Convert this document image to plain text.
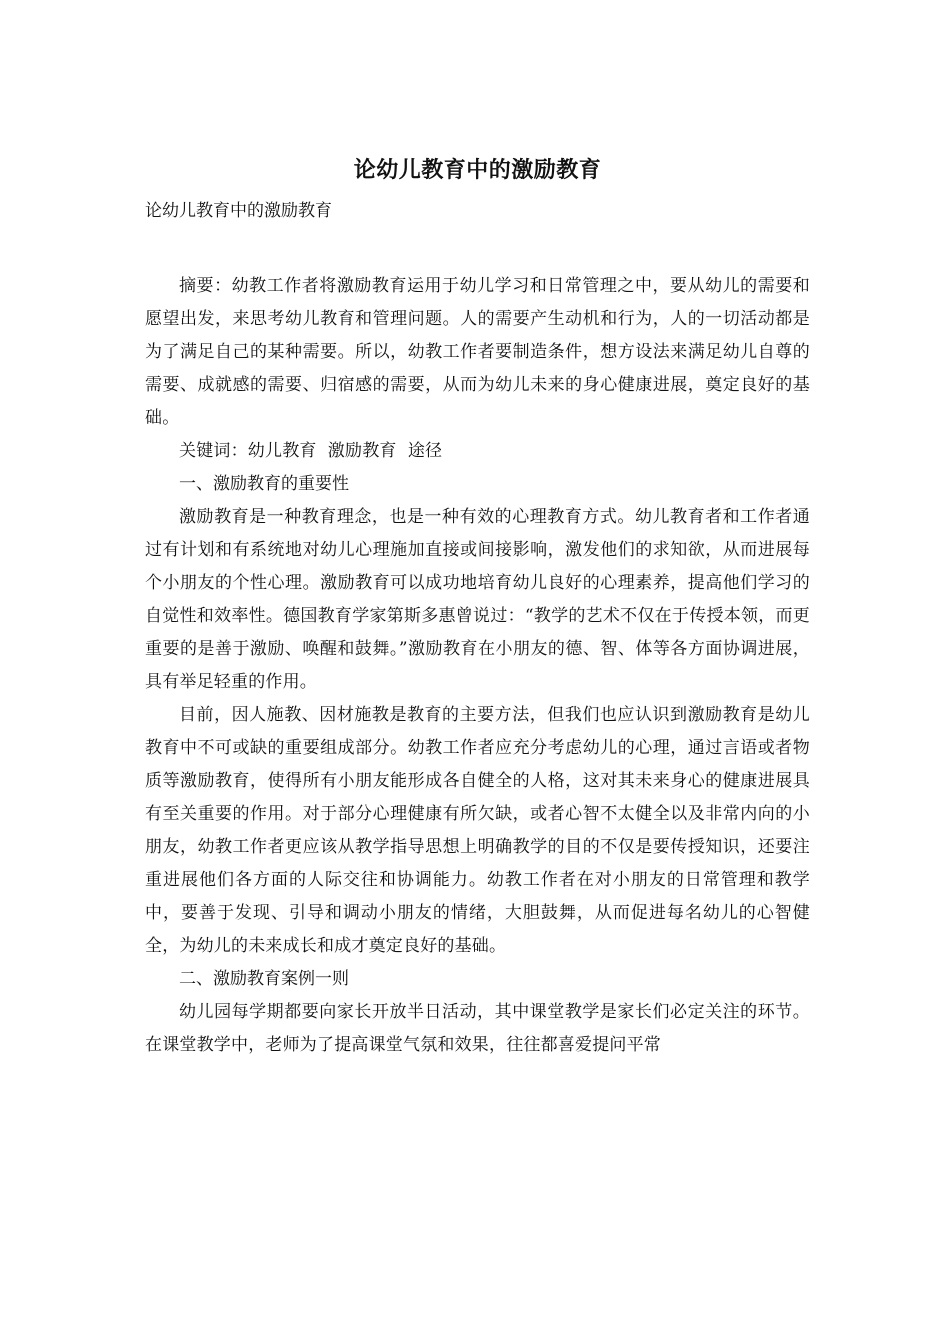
论幼儿教育中的激励教育

论幼儿教育中的激励教育

摘要：幼教工作者将激励教育运用于幼儿学习和日常管理之中，要从幼儿的需要和愿望出发，来思考幼儿教育和管理问题。人的需要产生动机和行为，人的一切活动都是为了满足自己的某种需要。所以，幼教工作者要制造条件，想方设法来满足幼儿自尊的需要、成就感的需要、归宿感的需要，从而为幼儿未来的身心健康进展，奠定良好的基础。

关键词：幼儿教育  激励教育  途径

一、激励教育的重要性

激励教育是一种教育理念，也是一种有效的心理教育方式。幼儿教育者和工作者通过有计划和有系统地对幼儿心理施加直接或间接影响，激发他们的求知欲，从而进展每个小朋友的个性心理。激励教育可以成功地培育幼儿良好的心理素养，提高他们学习的自觉性和效率性。德国教育学家第斯多惠曾说过：“教学的艺术不仅在于传授本领，而更重要的是善于激励、唤醒和鼓舞。”激励教育在小朋友的德、智、体等各方面协调进展，具有举足轻重的作用。

目前，因人施教、因材施教是教育的主要方法，但我们也应认识到激励教育是幼儿教育中不可或缺的重要组成部分。幼教工作者应充分考虑幼儿的心理，通过言语或者物质等激励教育，使得所有小朋友能形成各自健全的人格，这对其未来身心的健康进展具有至关重要的作用。对于部分心理健康有所欠缺，或者心智不太健全以及非常内向的小朋友，幼教工作者更应该从教学指导思想上明确教学的目的不仅是要传授知识，还要注重进展他们各方面的人际交往和协调能力。幼教工作者在对小朋友的日常管理和教学中，要善于发现、引导和调动小朋友的情绪，大胆鼓舞，从而促进每名幼儿的心智健全，为幼儿的未来成长和成才奠定良好的基础。

二、激励教育案例一则

幼儿园每学期都要向家长开放半日活动，其中课堂教学是家长们必定关注的环节。在课堂教学中，老师为了提高课堂气氛和效果，往往都喜爱提问平常
